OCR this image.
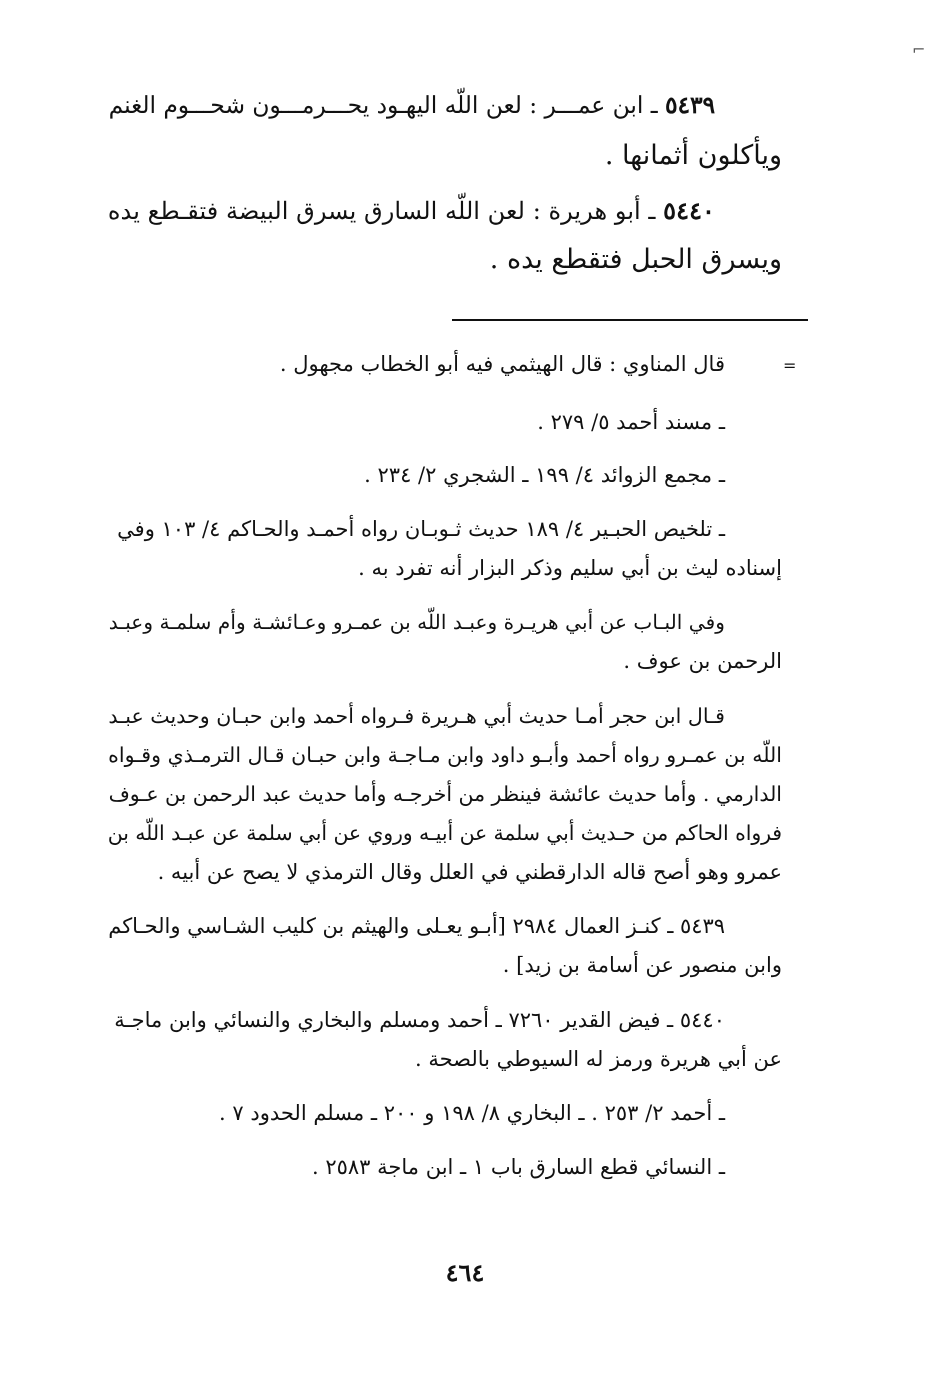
⌐
٥٤٣٩ ـ ابن عمـــر : لعن اللّه اليهـود يحـــرمـــون شحـــوم الغنم
ويأكلون أثمانها .
٥٤٤٠ ـ أبو هريرة : لعن اللّه السارق يسرق البيضة فتقـطع يده
ويسرق الحبل فتقطع يده .
=
قال المناوي : قال الهيثمي فيه أبو الخطاب مجهول .
ـ مسند أحمد ٥/ ٢٧٩ .
ـ مجمع الزوائد ٤/ ١٩٩ ـ الشجري ٢/ ٢٣٤ .
ـ تلخيص الحبـير ٤/ ١٨٩ حديث ثـوبـان رواه أحمـد والحـاكم ٤/ ١٠٣ وفي
إسناده ليث بن أبي سليم وذكر البزار أنه تفرد به .
وفي البـاب عن أبي هريـرة وعبـد اللّه بن عمـرو وعـائشـة وأم سلمـة وعبـد
الرحمن بن عوف .
قـال ابن حجر أمـا حديث أبي هـريرة فـرواه أحمد وابن حبـان وحديث عبـد
اللّه بن عمـرو رواه أحمد وأبـو داود وابن مـاجـة وابن حبـان قـال الترمـذي وقـواه
الدارمي . وأما حديث عائشة فينظر من أخرجـه وأما حديث عبد الرحمن بن عـوف
فرواه الحاكم من حـديث أبي سلمة عن أبيـه وروي عن أبي سلمة عن عبـد اللّه بن
عمرو وهو أصح قاله الدارقطني في العلل وقال الترمذي لا يصح عن أبيه .
٥٤٣٩ ـ كنـز العمال ٢٩٨٤ [أبـو يعـلى والهيثم بن كليب الشـاسي والحـاكم
وابن منصور عن أسامة بن زيد] .
٥٤٤٠ ـ فيض القدير ٧٢٦٠ ـ أحمد ومسلم والبخاري والنسائي وابن ماجـة
عن أبي هريرة ورمز له السيوطي بالصحة .
ـ أحمد ٢/ ٢٥٣ . ـ البخاري ٨/ ١٩٨ و ٢٠٠ ـ مسلم الحدود ٧ .
ـ النسائي قطع السارق باب ١ ـ ابن ماجة ٢٥٨٣ .
٤٦٤
